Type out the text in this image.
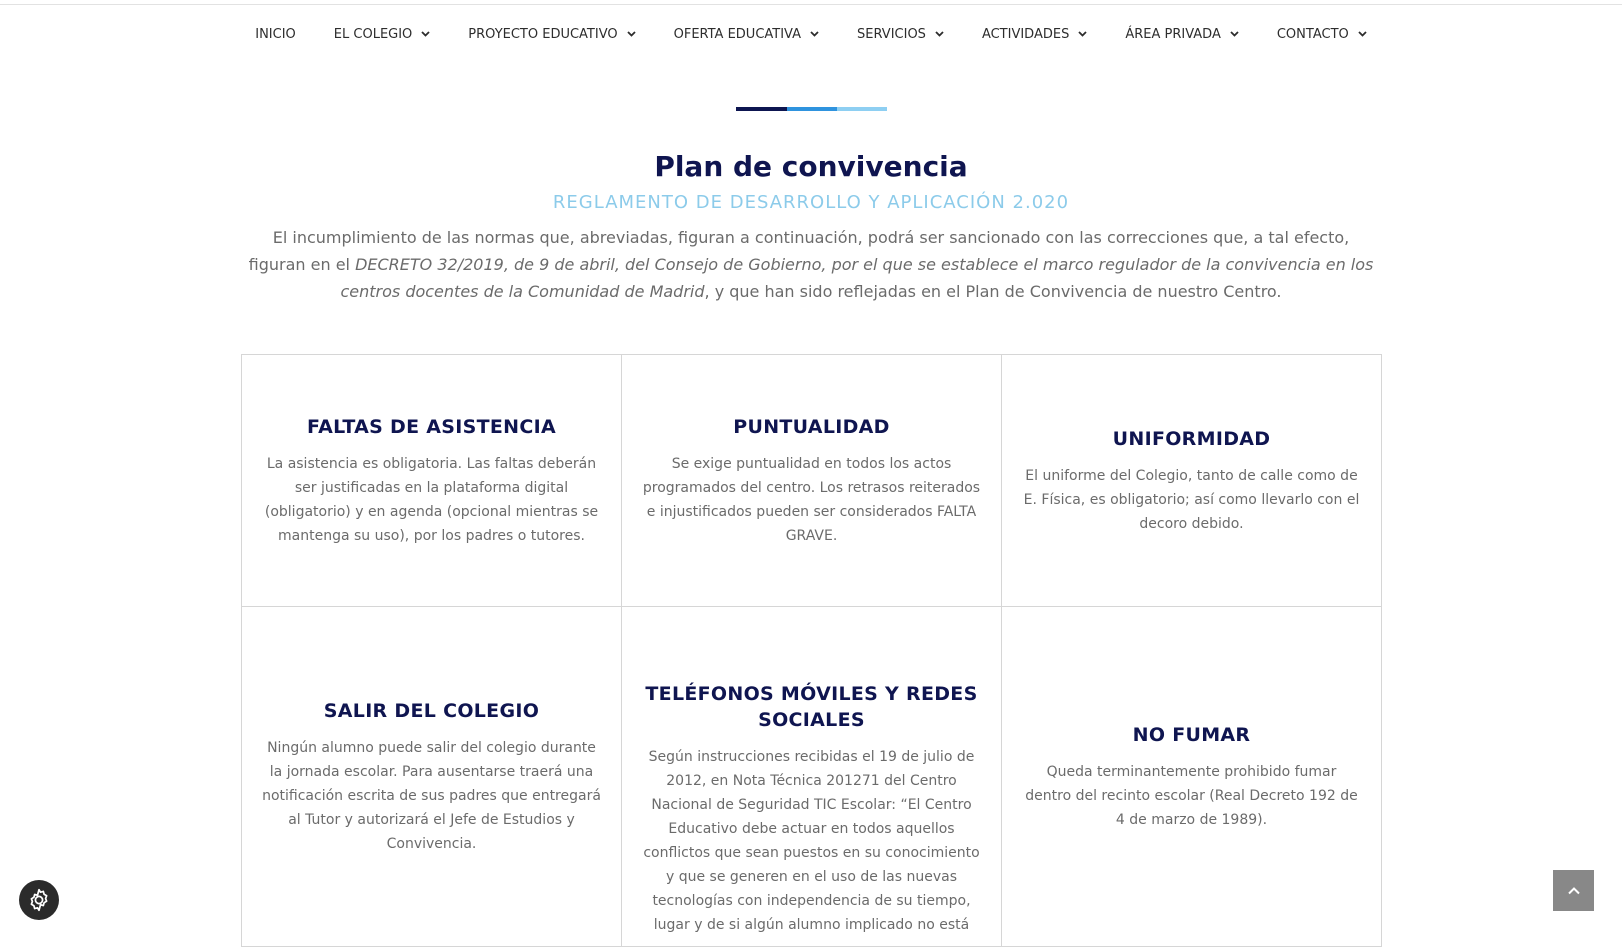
INICIO	EL COLEGIO	PROYECTO EDUCATIVO	OFERTA EDUCATIVA	SERVICIOS	ACTIVIDADES	ÁREA PRIVADA	CONTACTO
Plan de convivencia
REGLAMENTO DE DESARROLLO Y APLICACIÓN 2.020

El incumplimiento de las normas que, abreviadas, figuran a continuación, podrá ser sancionado con las correcciones que, a tal efecto, figuran en el DECRETO 32/2019, de 9 de abril, del Consejo de Gobierno, por el que se establece el marco regulador de la convivencia en los centros docentes de la Comunidad de Madrid, y que han sido reflejadas en el Plan de Convivencia de nuestro Centro.

FALTAS DE ASISTENCIA

La asistencia es obligatoria. Las faltas deberán ser justificadas en la plataforma digital (obligatorio) y en agenda (opcional mientras se mantenga su uso), por los padres o tutores.

PUNTUALIDAD

Se exige puntualidad en todos los actos programados del centro. Los retrasos reiterados e injustificados pueden ser considerados FALTA GRAVE.

UNIFORMIDAD

El uniforme del Colegio, tanto de calle como de E. Física, es obligatorio; así como llevarlo con el decoro debido.

SALIR DEL COLEGIO

Ningún alumno puede salir del colegio durante la jornada escolar. Para ausentarse traerá una notificación escrita de sus padres que entregará al Tutor y autorizará el Jefe de Estudios y Convivencia.

TELÉFONOS MÓVILES Y REDES SOCIALES

Según instrucciones recibidas el 19 de julio de 2012, en Nota Técnica 201271 del Centro Nacional de Seguridad TIC Escolar: “El Centro Educativo debe actuar en todos aquellos conflictos que sean puestos en su conocimiento y que se generen en el uso de las nuevas tecnologías con independencia de su tiempo, lugar y de si algún alumno implicado no está

NO FUMAR

Queda terminantemente prohibido fumar dentro del recinto escolar (Real Decreto 192 de 4 de marzo de 1989).
